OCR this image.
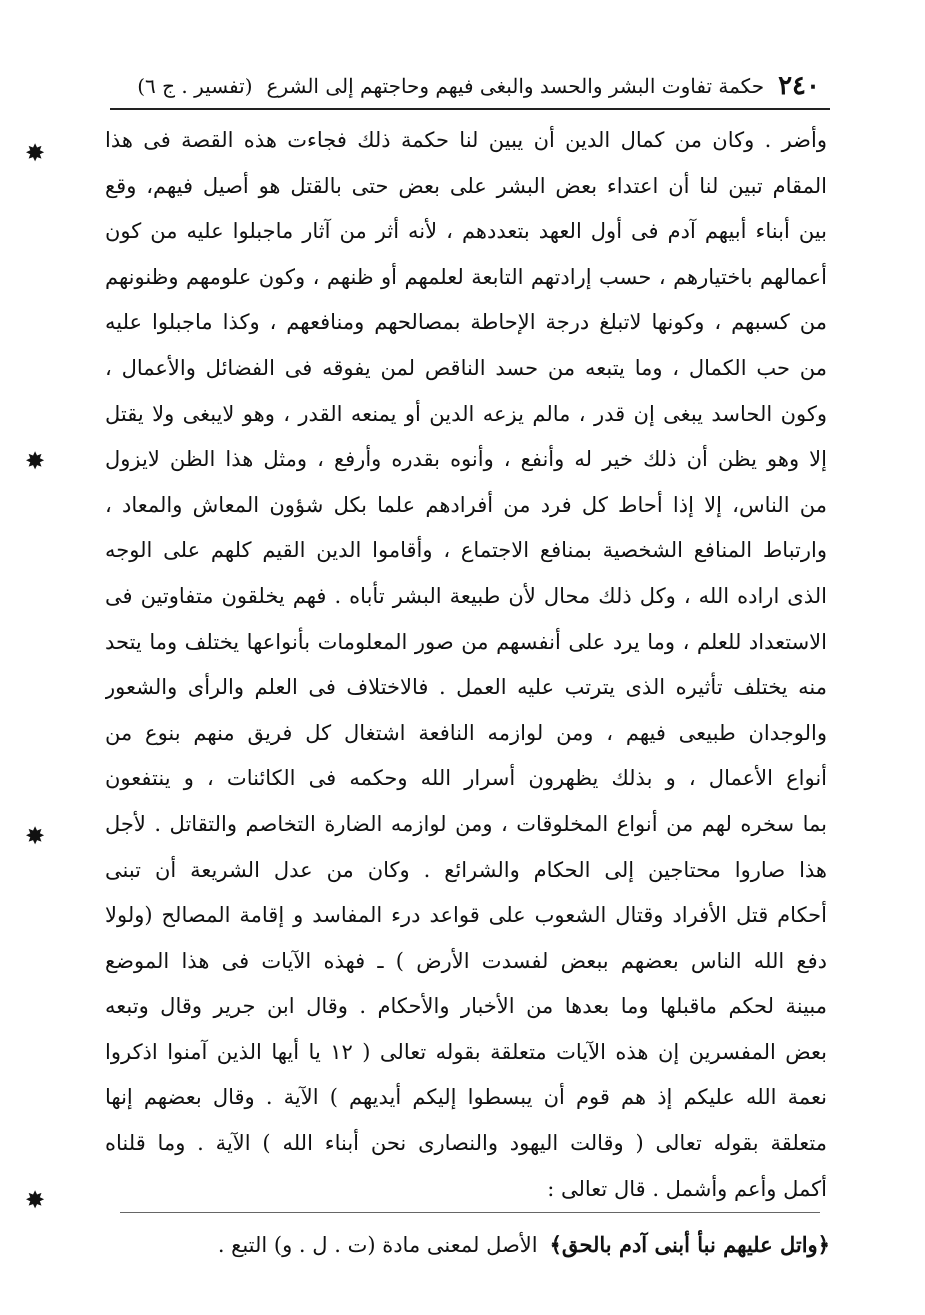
٢٤٠
حكمة تفاوت البشر والحسد والبغى فيهم وحاجتهم إلى الشرع
(تفسير . ج ٦)
وأضر . وكان من كمال الدين أن يبين لنا حكمة ذلك فجاءت هذه القصة فى هذا
المقام تبين لنا أن اعتداء بعض البشر على بعض حتى بالقتل هو أصيل فيهم، وقع
بين أبناء أبيهم آدم فى أول العهد بتعددهم ، لأنه أثر من آثار ماجبلوا عليه من كون
أعمالهم باختيارهم ، حسب إرادتهم التابعة لعلمهم أو ظنهم ، وكون علومهم وظنونهم
من كسبهم ، وكونها لاتبلغ درجة الإحاطة بمصالحهم ومنافعهم ، وكذا ماجبلوا عليه
من حب الكمال ، وما يتبعه من حسد الناقص لمن يفوقه فى الفضائل والأعمال ،
وكون الحاسد يبغى إن قدر ، مالم يزعه الدين أو يمنعه القدر ، وهو لايبغى ولا يقتل
إلا وهو يظن أن ذلك خير له وأنفع ، وأنوه بقدره وأرفع ، ومثل هذا الظن لايزول
من الناس، إلا إذا أحاط كل فرد من أفرادهم علما بكل شؤون المعاش والمعاد ،
وارتباط المنافع الشخصية بمنافع الاجتماع ، وأقاموا الدين القيم كلهم على الوجه
الذى اراده الله ، وكل ذلك محال لأن طبيعة البشر تأباه . فهم يخلقون متفاوتين فى
الاستعداد للعلم ، وما يرد على أنفسهم من صور المعلومات بأنواعها يختلف وما يتحد
منه يختلف تأثيره الذى يترتب عليه العمل . فالاختلاف فى العلم والرأى والشعور
والوجدان طبيعى فيهم ، ومن لوازمه النافعة اشتغال كل فريق منهم بنوع من
أنواع الأعمال ، و بذلك يظهرون أسرار الله وحكمه فى الكائنات ، و ينتفعون
بما سخره لهم من أنواع المخلوقات ، ومن لوازمه الضارة التخاصم والتقاتل . لأجل
هذا صاروا محتاجين إلى الحكام والشرائع . وكان من عدل الشريعة أن تبنى
أحكام قتل الأفراد وقتال الشعوب على قواعد درء المفاسد و إقامة المصالح (ولولا
دفع الله الناس بعضهم ببعض لفسدت الأرض ) ـ فهذه الآيات فى هذا الموضع
مبينة لحكم ماقبلها وما بعدها من الأخبار والأحكام . وقال ابن جرير وقال وتبعه
بعض المفسرين إن هذه الآيات متعلقة بقوله تعالى ( ١٢ يا أيها الذين آمنوا اذكروا
نعمة الله عليكم إذ هم قوم أن يبسطوا إليكم أيديهم ) الآية . وقال بعضهم إنها
متعلقة بقوله تعالى ( وقالت اليهود والنصارى نحن أبناء الله ) الآية . وما قلناه
أكمل وأعم وأشمل . قال تعالى :
﴿واتل عليهم نبأ أبنى آدم بالحق﴾
الأصل لمعنى مادة (ت . ل . و) التبع .
✸
✸
✸
✸
